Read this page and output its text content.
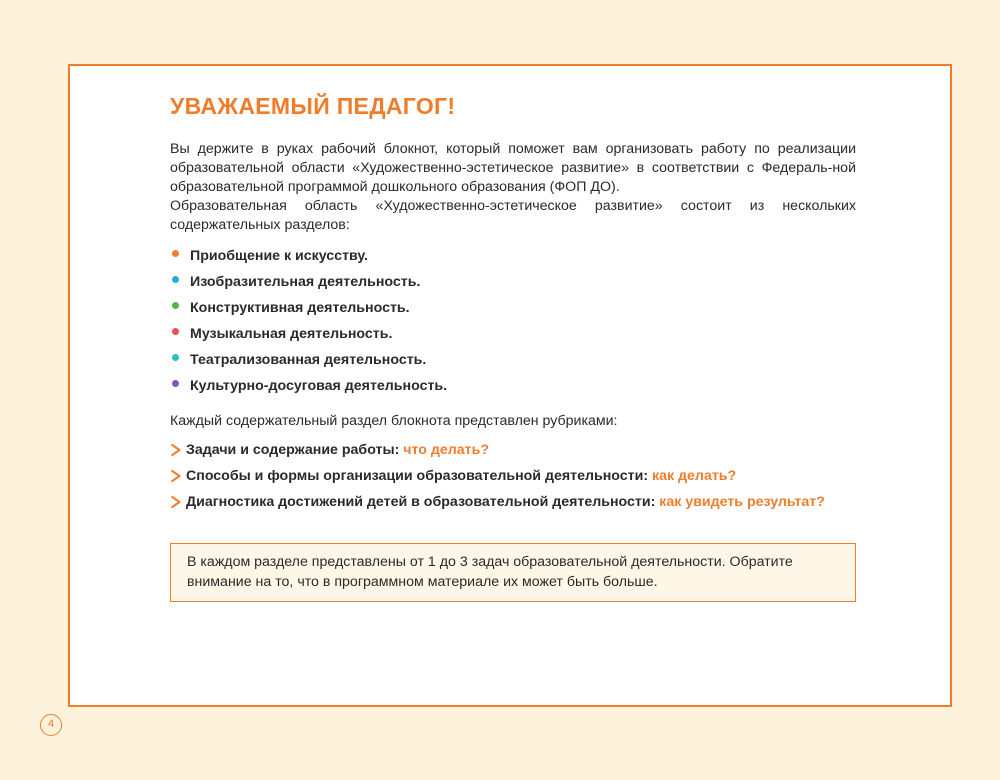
УВАЖАЕМЫЙ ПЕДАГОГ!

Вы держите в руках рабочий блокнот, который поможет вам организовать работу по реализации образовательной области «Художественно-эстетическое развитие» в соответствии с Федераль-ной образовательной программой дошкольного образования (ФОП ДО).

Образовательная область «Художественно-эстетическое развитие» состоит из нескольких содержательных разделов:

Приобщение к искусству.
Изобразительная деятельность.
Конструктивная деятельность.
Музыкальная деятельность.
Театрализованная деятельность.
Культурно-досуговая деятельность.
Каждый содержательный раздел блокнота представлен рубриками:
Задачи и содержание работы: что делать?
Способы и формы организации образовательной деятельности: как делать?
Диагностика достижений детей в образовательной деятельности: как увидеть результат?
В каждом разделе представлены от 1 до 3 задач образовательной деятельности. Обратите внимание на то, что в программном материале их может быть больше.
4
